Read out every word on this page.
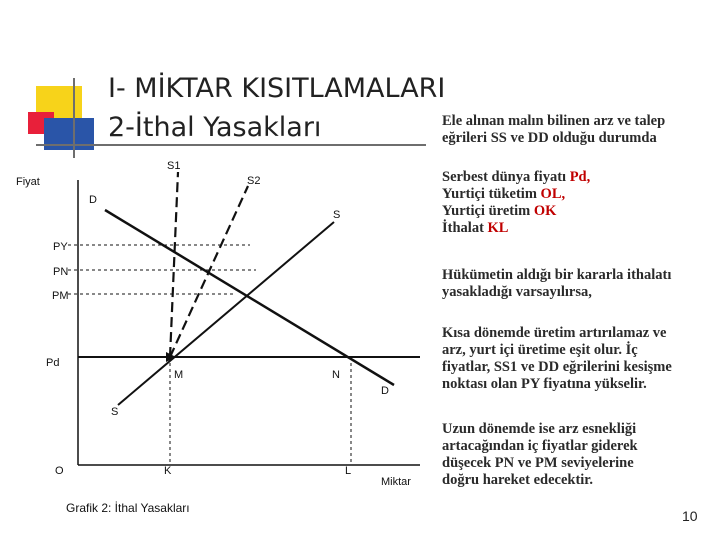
I- MİKTAR KISITLAMALARI
2-İthal Yasakları	Ele alınan malın bilinen arz ve talep
eğrileri SS ve DD olduğu durumda
Serbest dünya fiyatı Pd,
Yurtiçi tüketim OL,
Yurtiçi üretim OK
İthalat KL
Hükümetin aldığı bir kararla ithalatı
yasakladığı varsayılırsa,
Kısa dönemde üretim artırılamaz ve
arz, yurt içi üretime eşit olur. İç
fiyatlar, SS1 ve DD eğrilerini kesişme
noktası olan PY fiyatına yükselir.
Uzun dönemde ise arz esnekliği
artacağından iç fiyatlar giderek
düşecek PN ve PM seviyelerine
doğru hareket edecektir.
Fiyat
Miktar
O
PY
PN
PM
Pd
S1
S2
D
S
D
S
M	N
K	L
Grafik 2: İthal Yasakları	10
